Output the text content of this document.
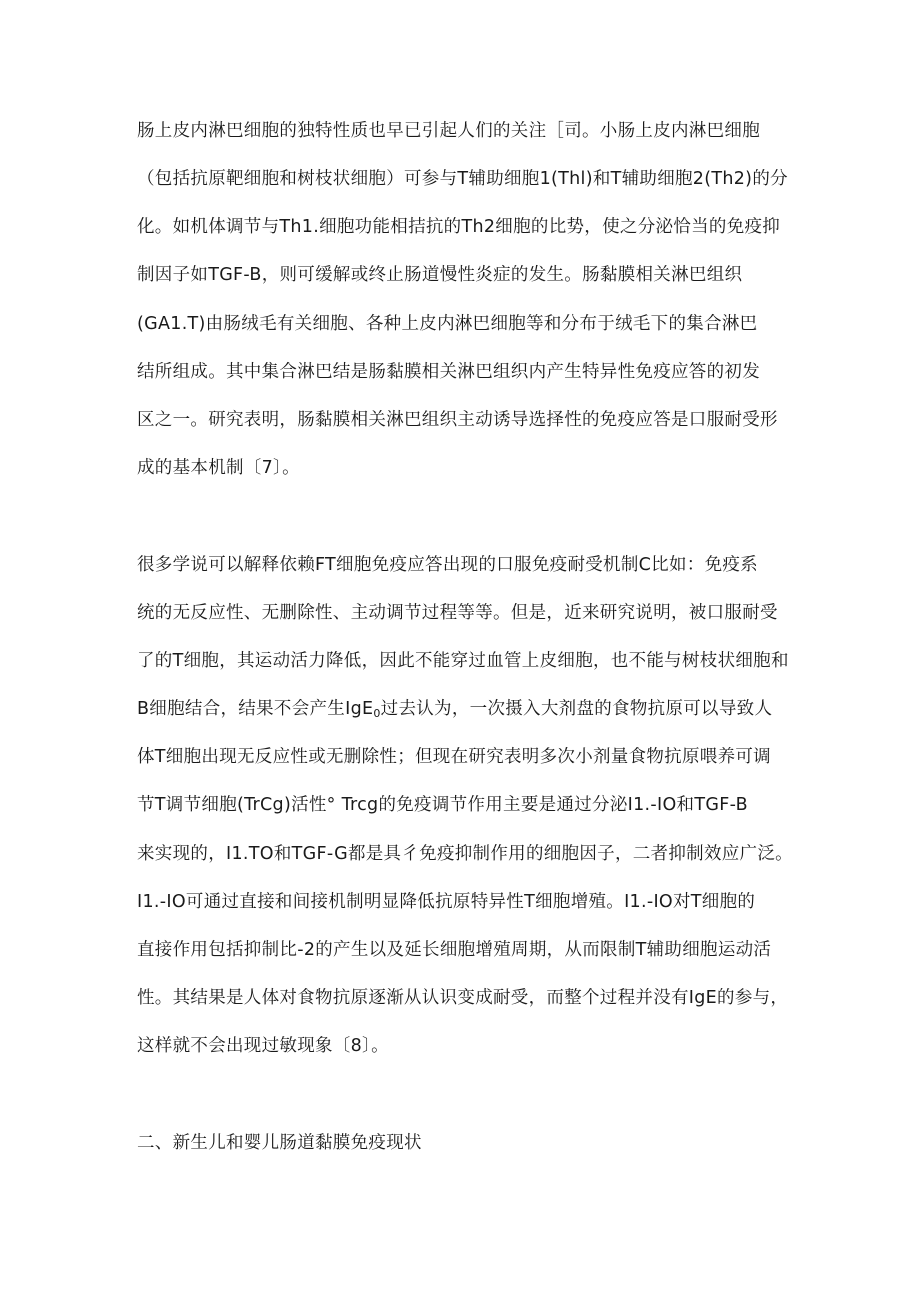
肠上皮内淋巴细胞的独特性质也早已引起人们的关注［司。小肠上皮内淋巴细胞
（包括抗原靶细胞和树枝状细胞）可参与T辅助细胞1(Thl)和T辅助细胞2(Th2)的分
化。如机体调节与Th1.细胞功能相拮抗的Th2细胞的比势，使之分泌恰当的免疫抑
制因子如TGF-B，则可缓解或终止肠道慢性炎症的发生。肠黏膜相关淋巴组织
(GA1.T)由肠绒毛有关细胞、各种上皮内淋巴细胞等和分布于绒毛下的集合淋巴
结所组成。其中集合淋巴结是肠黏膜相关淋巴组织内产生特异性免疫应答的初发
区之一。研究表明，肠黏膜相关淋巴组织主动诱导选择性的免疫应答是口服耐受形
成的基本机制〔7〕。
很多学说可以解释依赖FT细胞免疫应答出现的口服免疫耐受机制C比如：免疫系
统的无反应性、无删除性、主动调节过程等等。但是，近来研究说明，被口服耐受
了的T细胞，其运动活力降低，因此不能穿过血管上皮细胞，也不能与树枝状细胞和
B细胞结合，结果不会产生IgE$_0$过去认为，一次摄入大剂盘的食物抗原可以导致人
体T细胞出现无反应性或无删除性；但现在研究表明多次小剂量食物抗原喂养可调
节T调节细胞(TrCg)活性° Trcg的免疫调节作用主要是通过分泌I1.-IO和TGF-B
来实现的，I1.TO和TGF-G都是具彳免疫抑制作用的细胞因子，二者抑制效应广泛。
I1.-IO可通过直接和间接机制明显降低抗原特异性T细胞增殖。I1.-IO对T细胞的
直接作用包括抑制比-2的产生以及延长细胞增殖周期，从而限制T辅助细胞运动活
性。其结果是人体对食物抗原逐渐从认识变成耐受，而整个过程并没有IgE的参与，
这样就不会出现过敏现象〔8〕。
二、新生儿和婴儿肠道黏膜免疫现状
